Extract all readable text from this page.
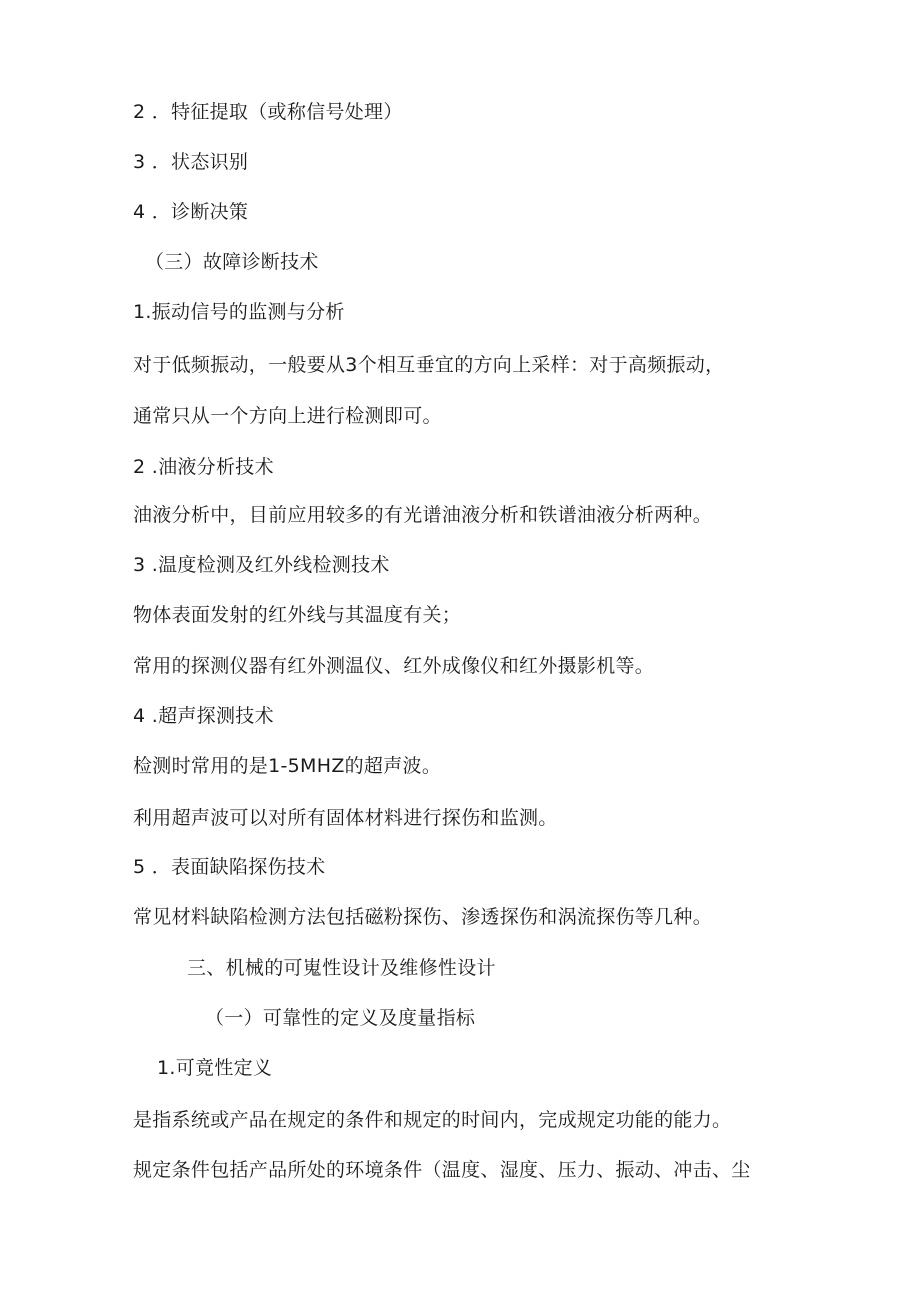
2 ．特征提取（或称信号处理）
3 ．状态识别
4 ．诊断决策
（三）故障诊断技术
1.振动信号的监测与分析
对于低频振动，一般要从3个相互垂宜的方向上采样：对于高频振动，
通常只从一个方向上进行检测即可。
2 .油液分析技术
油液分析中，目前应用较多的有光谱油液分析和铁谱油液分析两种。
3 .温度检测及红外线检测技术
物体表面发射的红外线与其温度有关；
常用的探测仪器有红外测温仪、红外成像仪和红外摄影机等。
4 .超声探测技术
检测时常用的是1-5MHZ的超声波。
利用超声波可以对所有固体材料进行探伤和监测。
5 ．表面缺陷探伤技术
常见材料缺陷检测方法包括磁粉探伤、渗透探伤和涡流探伤等几种。
三、机械的可嵬性设计及维修性设计
（一）可靠性的定义及度量指标
1.可竟性定义
是指系统或产品在规定的条件和规定的时间内，完成规定功能的能力。
规定条件包括产品所处的环境条件（温度、湿度、压力、振动、冲击、尘
